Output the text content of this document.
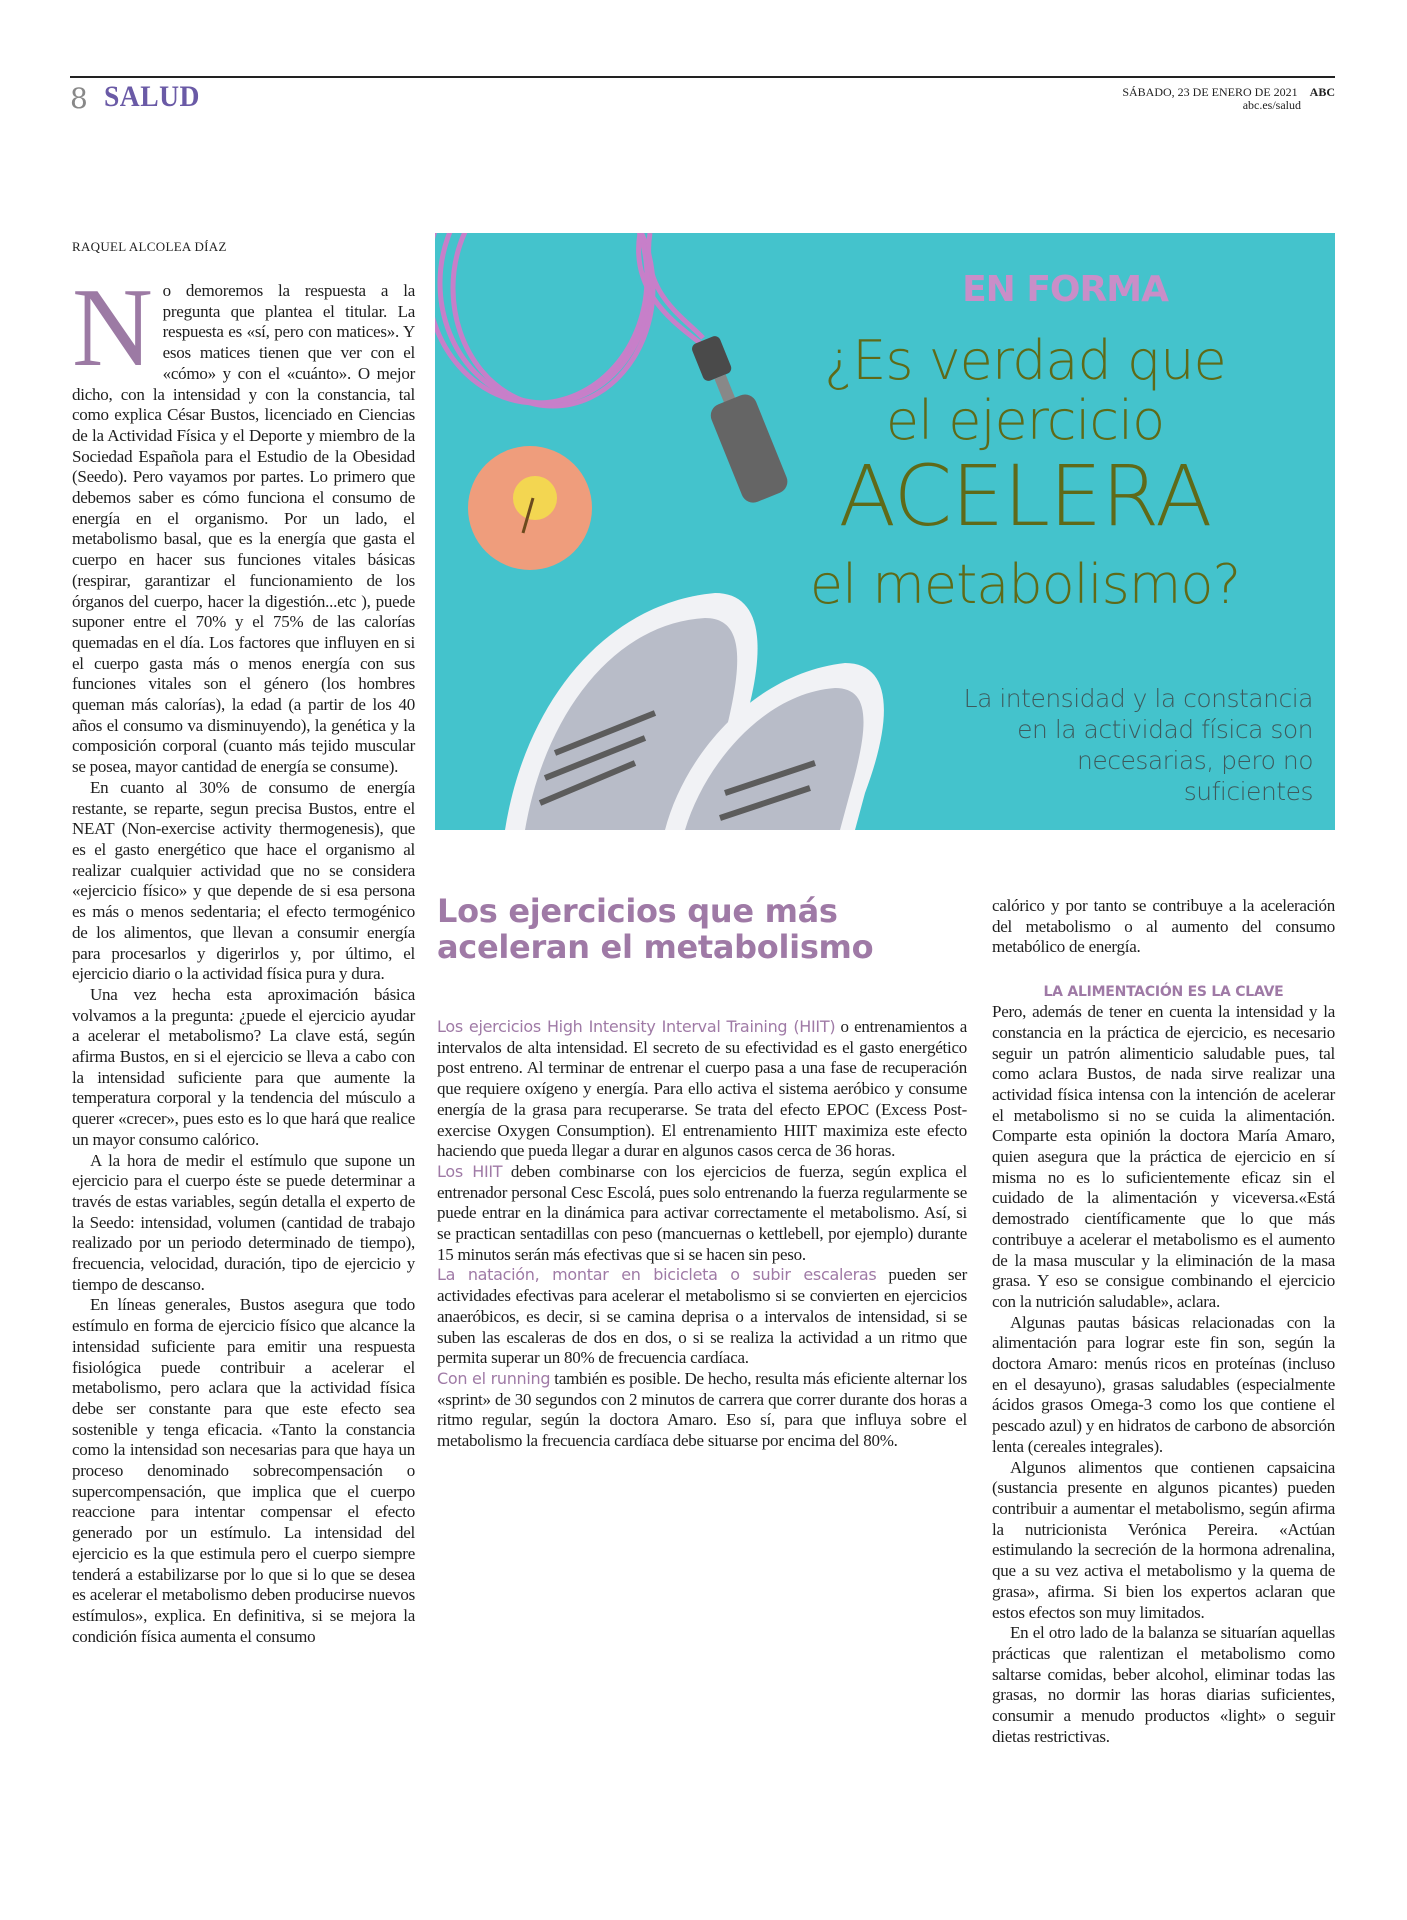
8 SALUD	SÁBADO, 23 DE ENERO DE 2021 ABC
abc.es/salud
RAQUEL ALCOLEA DÍAZ
EN FORMA
¿Es verdad que
el ejercicio
ACELERA
el metabolismo?
La intensidad y la constancia en la actividad física son necesarias, pero no suficientes

No demoremos la respuesta a la pregunta que plantea el titular. La respuesta es «sí, pero con matices». Y esos matices tienen que ver con el «cómo» y con el «cuánto». O mejor dicho, con la intensidad y con la constancia, tal como explica César Bustos, licenciado en Ciencias de la Actividad Física y el Deporte y miembro de la Sociedad Española para el Estudio de la Obesidad (Seedo). Pero vayamos por partes. Lo primero que debemos saber es cómo funciona el consumo de energía en el organismo. Por un lado, el metabolismo basal, que es la energía que gasta el cuerpo en hacer sus funciones vitales básicas (respirar, garantizar el funcionamiento de los órganos del cuerpo, hacer la digestión...etc ), puede suponer entre el 70% y el 75% de las calorías quemadas en el día. Los factores que influyen en si el cuerpo gasta más o menos energía con sus funciones vitales son el género (los hombres queman más calorías), la edad (a partir de los 40 años el consumo va disminuyendo), la genética y la composición corporal (cuanto más tejido muscular se posea, mayor cantidad de energía se consume).

En cuanto al 30% de consumo de energía restante, se reparte, segun precisa Bustos, entre el NEAT (Non-exercise activity thermogenesis), que es el gasto energético que hace el organismo al realizar cualquier actividad que no se considera «ejercicio físico» y que depende de si esa persona es más o menos sedentaria; el efecto termogénico de los alimentos, que llevan a consumir energía para procesarlos y digerirlos y, por último, el ejercicio diario o la actividad física pura y dura.

Una vez hecha esta aproximación básica volvamos a la pregunta: ¿puede el ejercicio ayudar a acelerar el metabolismo? La clave está, según afirma Bustos, en si el ejercicio se lleva a cabo con la intensidad suficiente para que aumente la temperatura corporal y la tendencia del músculo a querer «crecer», pues esto es lo que hará que realice un mayor consumo calórico.

A la hora de medir el estímulo que supone un ejercicio para el cuerpo éste se puede determinar a través de estas variables, según detalla el experto de la Seedo: intensidad, volumen (cantidad de trabajo realizado por un periodo determinado de tiempo), frecuencia, velocidad, duración, tipo de ejercicio y tiempo de descanso.

En líneas generales, Bustos asegura que todo estímulo en forma de ejercicio físico que alcance la intensidad suficiente para emitir una respuesta fisiológica puede contribuir a acelerar el metabolismo, pero aclara que la actividad física debe ser constante para que este efecto sea sostenible y tenga eficacia. «Tanto la constancia como la intensidad son necesarias para que haya un proceso denominado sobrecompensación o supercompensación, que implica que el cuerpo reaccione para intentar compensar el efecto generado por un estímulo. La intensidad del ejercicio es la que estimula pero el cuerpo siempre tenderá a estabilizarse por lo que si lo que se desea es acelerar el metabolismo deben producirse nuevos estímulos», explica. En definitiva, si se mejora la condición física aumenta el consumo

Los ejercicios que más aceleran el metabolismo

Los ejercicios High Intensity Interval Training (HIIT) o entrenamientos a intervalos de alta intensidad. El secreto de su efectividad es el gasto energético post entreno. Al terminar de entrenar el cuerpo pasa a una fase de recuperación que requiere oxígeno y energía. Para ello activa el sistema aeróbico y consume energía de la grasa para recuperarse. Se trata del efecto EPOC (Excess Post-exercise Oxygen Consumption). El entrenamiento HIIT maximiza este efecto haciendo que pueda llegar a durar en algunos casos cerca de 36 horas.

Los HIIT deben combinarse con los ejercicios de fuerza, según explica el entrenador personal Cesc Escolá, pues solo entrenando la fuerza regularmente se puede entrar en la dinámica para activar correctamente el metabolismo. Así, si se practican sentadillas con peso (mancuernas o kettlebell, por ejemplo) durante 15 minutos serán más efectivas que si se hacen sin peso.

La natación, montar en bicicleta o subir escaleras pueden ser actividades efectivas para acelerar el metabolismo si se convierten en ejercicios anaeróbicos, es decir, si se camina deprisa o a intervalos de intensidad, si se suben las escaleras de dos en dos, o si se realiza la actividad a un ritmo que permita superar un 80% de frecuencia cardíaca.

Con el running también es posible. De hecho, resulta más eficiente alternar los «sprint» de 30 segundos con 2 minutos de carrera que correr durante dos horas a ritmo regular, según la doctora Amaro. Eso sí, para que influya sobre el metabolismo la frecuencia cardíaca debe situarse por encima del 80%.

calórico y por tanto se contribuye a la aceleración del metabolismo o al aumento del consumo metabólico de energía.

LA ALIMENTACIÓN ES LA CLAVE

Pero, además de tener en cuenta la intensidad y la constancia en la práctica de ejercicio, es necesario seguir un patrón alimenticio saludable pues, tal como aclara Bustos, de nada sirve realizar una actividad física intensa con la intención de acelerar el metabolismo si no se cuida la alimentación. Comparte esta opinión la doctora María Amaro, quien asegura que la práctica de ejercicio en sí misma no es lo suficientemente eficaz sin el cuidado de la alimentación y viceversa.«Está demostrado científicamente que lo que más contribuye a acelerar el metabolismo es el aumento de la masa muscular y la eliminación de la masa grasa. Y eso se consigue combinando el ejercicio con la nutrición saludable», aclara.

Algunas pautas básicas relacionadas con la alimentación para lograr este fin son, según la doctora Amaro: menús ricos en proteínas (incluso en el desayuno), grasas saludables (especialmente ácidos grasos Omega-3 como los que contiene el pescado azul) y en hidratos de carbono de absorción lenta (cereales integrales).

Algunos alimentos que contienen capsaicina (sustancia presente en algunos picantes) pueden contribuir a aumentar el metabolismo, según afirma la nutricionista Verónica Pereira. «Actúan estimulando la secreción de la hormona adrenalina, que a su vez activa el metabolismo y la quema de grasa», afirma. Si bien los expertos aclaran que estos efectos son muy limitados.

En el otro lado de la balanza se situarían aquellas prácticas que ralentizan el metabolismo como saltarse comidas, beber alcohol, eliminar todas las grasas, no dormir las horas diarias suficientes, consumir a menudo productos «light» o seguir dietas restrictivas.
